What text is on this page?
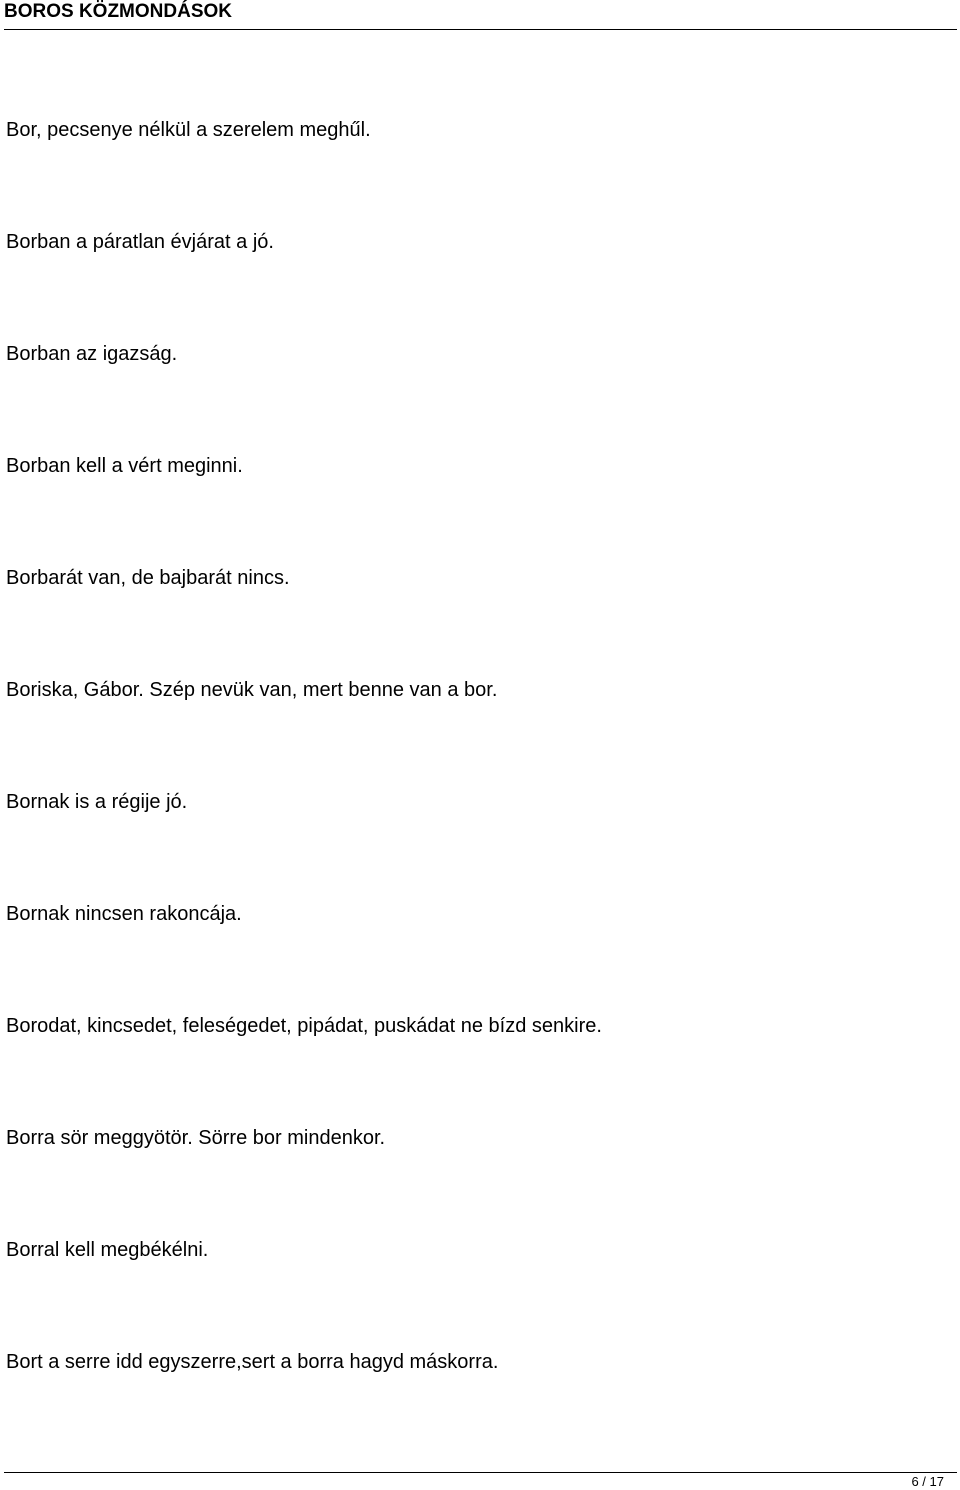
BOROS KÖZMONDÁSOK
Bor, pecsenye nélkül a szerelem meghűl.
Borban a páratlan évjárat a jó.
Borban az igazság.
Borban kell a vért meginni.
Borbarát van, de bajbarát nincs.
Boriska, Gábor. Szép nevük van, mert benne van a bor.
Bornak is a régije jó.
Bornak nincsen rakoncája.
Borodat, kincsedet, feleségedet, pipádat, puskádat ne bízd senkire.
Borra sör meggyötör. Sörre bor mindenkor.
Borral kell megbékélni.
Bort a serre idd egyszerre,sert a borra hagyd máskorra.
6 / 17
